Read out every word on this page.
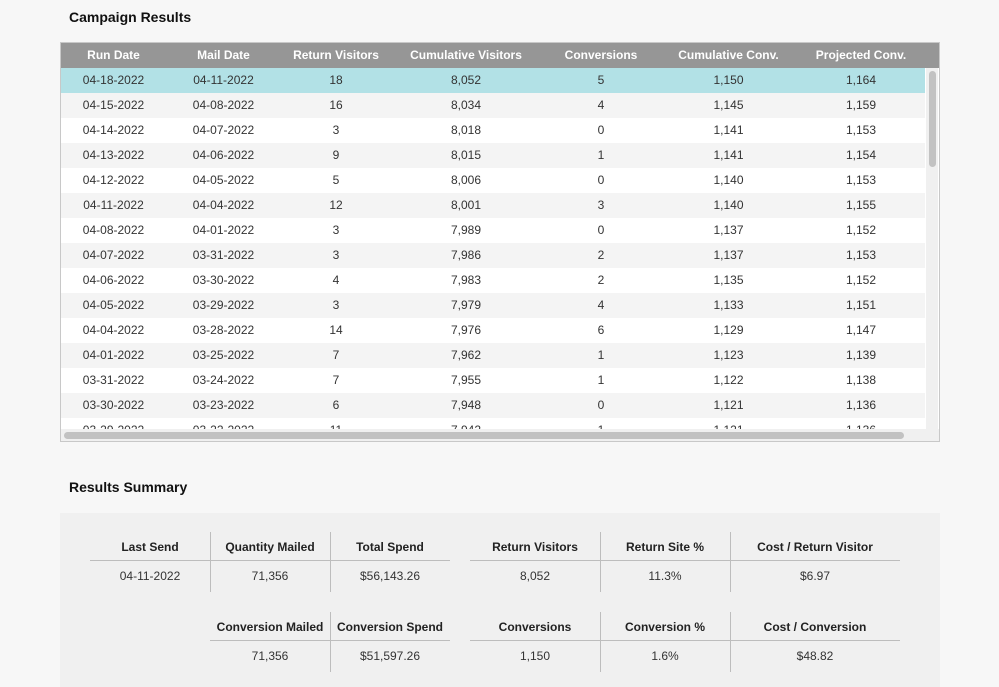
Campaign Results
Run Date	Mail Date	Return Visitors	Cumulative Visitors	Conversions	Cumulative Conv.	Projected Conv.
04-18-2022	04-11-2022	18	8,052	5	1,150	1,164
04-15-2022	04-08-2022	16	8,034	4	1,145	1,159
04-14-2022	04-07-2022	3	8,018	0	1,141	1,153
04-13-2022	04-06-2022	9	8,015	1	1,141	1,154
04-12-2022	04-05-2022	5	8,006	0	1,140	1,153
04-11-2022	04-04-2022	12	8,001	3	1,140	1,155
04-08-2022	04-01-2022	3	7,989	0	1,137	1,152
04-07-2022	03-31-2022	3	7,986	2	1,137	1,153
04-06-2022	03-30-2022	4	7,983	2	1,135	1,152
04-05-2022	03-29-2022	3	7,979	4	1,133	1,151
04-04-2022	03-28-2022	14	7,976	6	1,129	1,147
04-01-2022	03-25-2022	7	7,962	1	1,123	1,139
03-31-2022	03-24-2022	7	7,955	1	1,122	1,138
03-30-2022	03-23-2022	6	7,948	0	1,121	1,136
Results Summary
Last Send	Quantity Mailed	Total Spend	Return Visitors	Return Site %	Cost / Return Visitor
04-11-2022	71,356	$56,143.26	8,052	11.3%	$6.97
Conversion Mailed	Conversion Spend	Conversions	Conversion %	Cost / Conversion
71,356	$51,597.26	1,150	1.6%	$48.82
